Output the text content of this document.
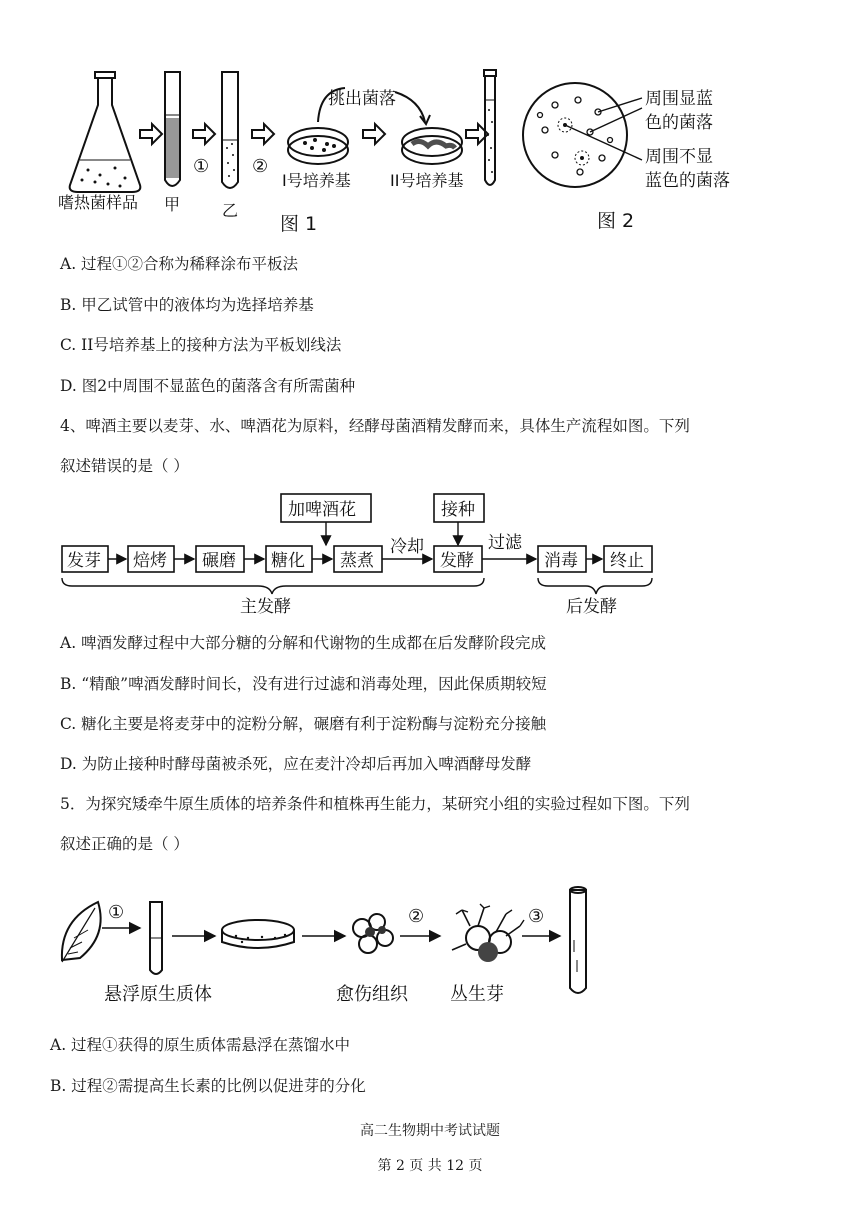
嗜热菌样品 甲
①
乙
②
I号培养基
挑出菌落
II号培养基
图 1
周围显蓝色的菌落
周围不显蓝色的菌落
图 2
A. 过程①②合称为稀释涂布平板法
B. 甲乙试管中的液体均为选择培养基
C. II号培养基上的接种方法为平板划线法
D. 图2中周围不显蓝色的菌落含有所需菌种
4、啤酒主要以麦芽、水、啤酒花为原料，经酵母菌酒精发酵而来，具体生产流程如图。下列
叙述错误的是（ ）
加啤酒花	接种
发芽 焙烤 碾磨 糖化 蒸煮	发酵	消毒 终止
冷却	过滤
主发酵	后发酵
A. 啤酒发酵过程中大部分糖的分解和代谢物的生成都在后发酵阶段完成
B. “精酿”啤酒发酵时间长，没有进行过滤和消毒处理，因此保质期较短
C. 糖化主要是将麦芽中的淀粉分解，碾磨有利于淀粉酶与淀粉充分接触
D. 为防止接种时酵母菌被杀死，应在麦汁冷却后再加入啤酒酵母发酵
5．为探究矮牵牛原生质体的培养条件和植株再生能力，某研究小组的实验过程如下图。下列
叙述正确的是（ ）
①	②	③
悬浮原生质体	愈伤组织 丛生芽
A. 过程①获得的原生质体需悬浮在蒸馏水中
B. 过程②需提高生长素的比例以促进芽的分化
高二生物期中考试试题
第 2 页 共 12 页
